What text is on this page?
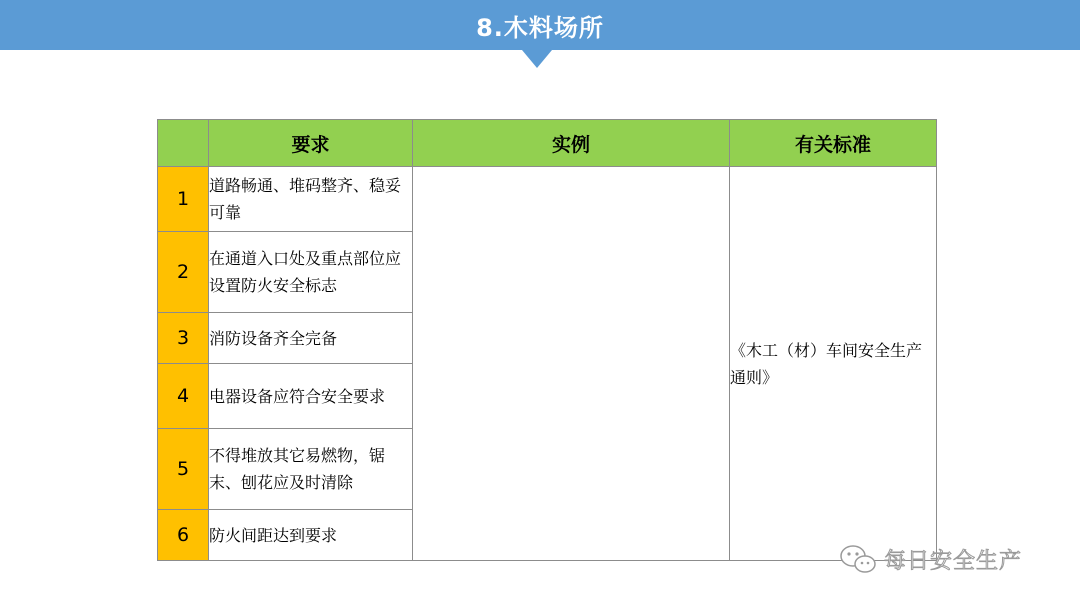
8.木料场所
	要求	实例	有关标准
1	道路畅通、堆码整齐、稳妥可靠		《木工（材）车间安全生产通则》
2	在通道入口处及重点部位应设置防火安全标志		
3	消防设备齐全完备		
4	电器设备应符合安全要求		
5	不得堆放其它易燃物，锯末、刨花应及时清除		
6	防火间距达到要求		
每日安全生产
